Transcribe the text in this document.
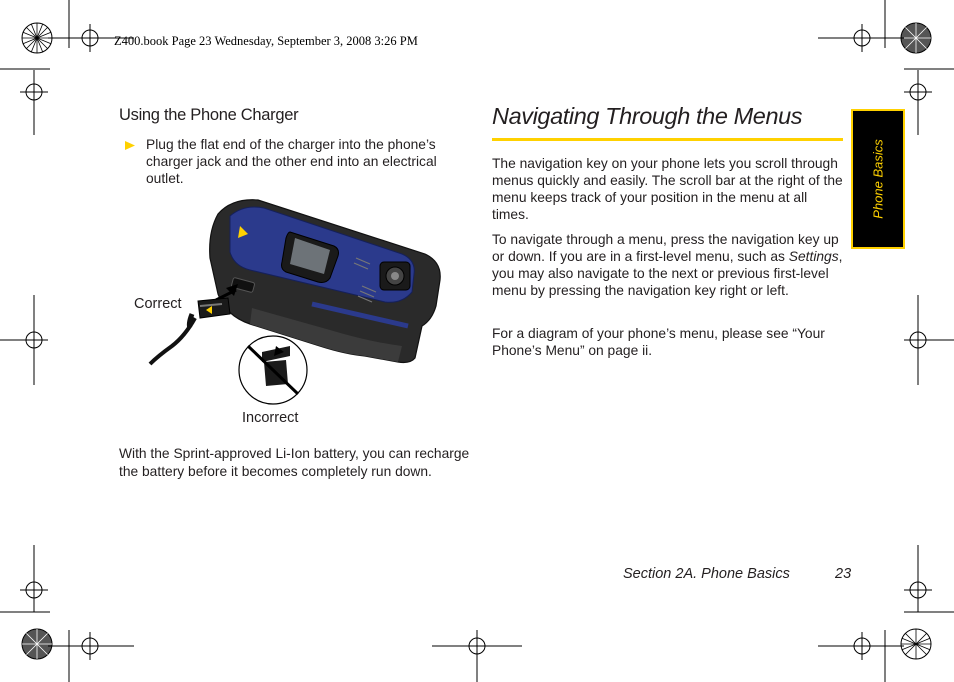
Z400.book Page 23 Wednesday, September 3, 2008 3:26 PM
Using the Phone Charger
Plug the flat end of the charger into the phone’s charger jack and the other end into an electrical outlet.
Correct
Incorrect
With the Sprint-approved Li-Ion battery, you can recharge the battery before it becomes completely run down.
Navigating Through the Menus
The navigation key on your phone lets you scroll through menus quickly and easily. The scroll bar at the right of the menu keeps track of your position in the menu at all times.
To navigate through a menu, press the navigation key up or down. If you are in a first-level menu, such as Settings, you may also navigate to the next or previous first-level menu by pressing the navigation key right or left.
For a diagram of your phone’s menu, please see “Your Phone’s Menu” on page ii.
Phone Basics
Section 2A. Phone Basics	23
